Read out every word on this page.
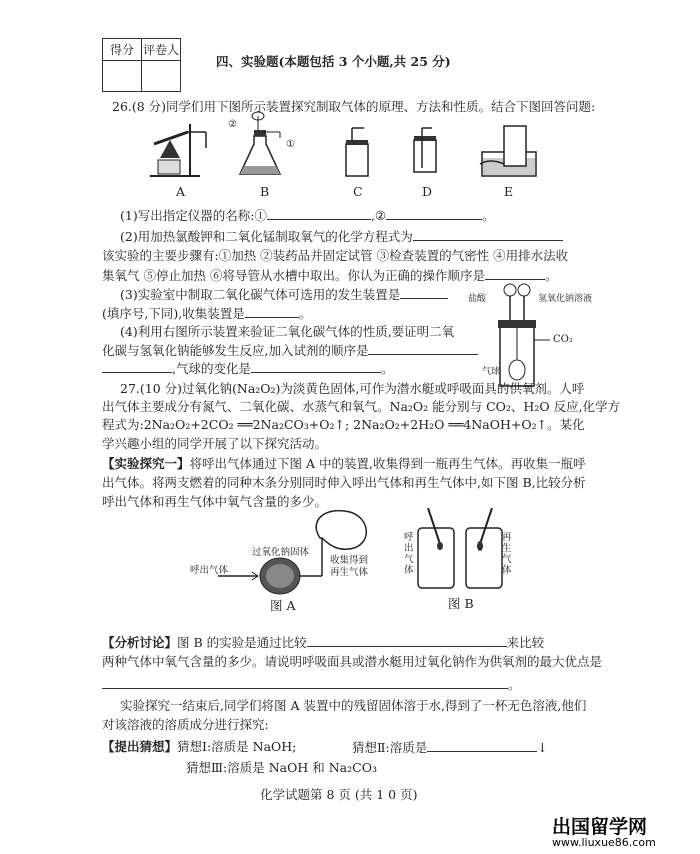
得分	评卷人

四、实验题(本题包括 3 个小题,共 25 分)
26.(8 分)同学们用下图所示装置探究制取气体的原理、方法和性质。结合下图回答问题:
②
①
A	B	C	D	E
(1)写出指定仪器的名称:①	,②	。
(2)用加热氯酸钾和二氧化锰制取氧气的化学方程式为
该实验的主要步骤有:①加热 ②装药品并固定试管 ③检查装置的气密性 ④用排水法收
集氧气 ⑤停止加热 ⑥将导管从水槽中取出。你认为正确的操作顺序是	。
(3)实验室中制取二氧化碳气体可选用的发生装置是
(填序号,下同),收集装置是	。
盐酸	氢氧化钠溶液
CO₂
气球
(4)利用右图所示装置来验证二氧化碳气体的性质,要证明二氧
化碳与氢氧化钠能够发生反应,加入试剂的顺序是
,气球的变化是	。
27.(10 分)过氧化钠(Na₂O₂)为淡黄色固体,可作为潜水艇或呼吸面具的供氧剂。人呼
出气体主要成分有氮气、二氧化碳、水蒸气和氧气。Na₂O₂ 能分别与 CO₂、H₂O 反应,化学方
程式为:2Na₂O₂+2CO₂ ══2Na₂CO₃+O₂↑; 2Na₂O₂+2H₂O ══4NaOH+O₂↑。某化
学兴趣小组的同学开展了以下探究活动。
【实验探究一】将呼出气体通过下图 A 中的装置,收集得到一瓶再生气体。再收集一瓶呼
出气体。将两支燃着的同种木条分别同时伸入呼出气体和再生气体中,如下图 B,比较分析
呼出气体和再生气体中氧气含量的多少。
呼出气体
过氧化钠固体
收集得到
再生气体
图 A
呼出气体
再生气体
图 B
【分析讨论】图 B 的实验是通过比较	来比较
两种气体中氧气含量的多少。请说明呼吸面具或潜水艇用过氧化钠作为供氧剂的最大优点是
。
实验探究一结束后,同学们将图 A 装置中的残留固体溶于水,得到了一杯无色溶液,他们
对该溶液的溶质成分进行探究:
【提出猜想】猜想Ⅰ:溶质是 NaOH;	猜想Ⅱ:溶质是	↓
猜想Ⅲ:溶质是 NaOH 和 Na₂CO₃
化学试题第 8 页 (共 1 0 页)
出国留学网
www.liuxue86.com
